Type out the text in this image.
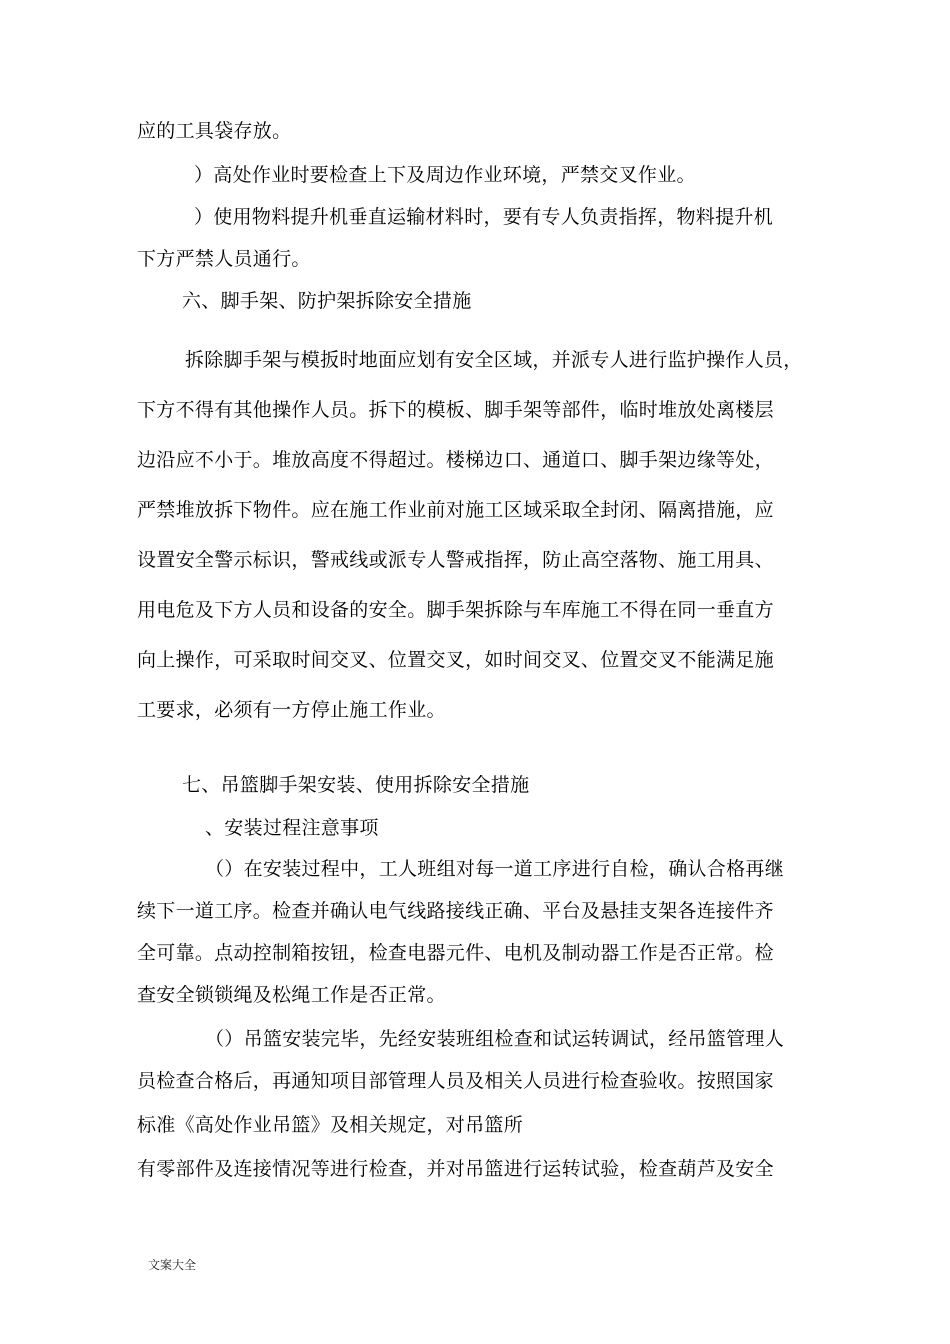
应的工具袋存放。

）高处作业时要检查上下及周边作业环境，严禁交叉作业。

）使用物料提升机垂直运输材料时，要有专人负责指挥，物料提升机

下方严禁人员通行。

六、脚手架、防护架拆除安全措施

拆除脚手架与模扳时地面应划有安全区域，并派专人进行监护操作人员，

下方不得有其他操作人员。拆下的模板、脚手架等部件，临时堆放处离楼层

边沿应不小于。堆放高度不得超过。楼梯边口、通道口、脚手架边缘等处，

严禁堆放拆下物件。应在施工作业前对施工区域采取全封闭、隔离措施，应

设置安全警示标识，警戒线或派专人警戒指挥，防止高空落物、施工用具、

用电危及下方人员和设备的安全。脚手架拆除与车库施工不得在同一垂直方

向上操作，可采取时间交叉、位置交叉，如时间交叉、位置交叉不能满足施

工要求，必须有一方停止施工作业。

七、吊篮脚手架安装、使用拆除安全措施

、安装过程注意事项

（）在安装过程中，工人班组对每一道工序进行自检，确认合格再继

续下一道工序。检查并确认电气线路接线正确、平台及悬挂支架各连接件齐

全可靠。点动控制箱按钮，检查电器元件、电机及制动器工作是否正常。检

查安全锁锁绳及松绳工作是否正常。

（）吊篮安装完毕，先经安装班组检查和试运转调试，经吊篮管理人

员检查合格后，再通知项目部管理人员及相关人员进行检查验收。按照国家

标准《高处作业吊篮》及相关规定，对吊篮所

有零部件及连接情况等进行检查，并对吊篮进行运转试验，检查葫芦及安全

文案大全
